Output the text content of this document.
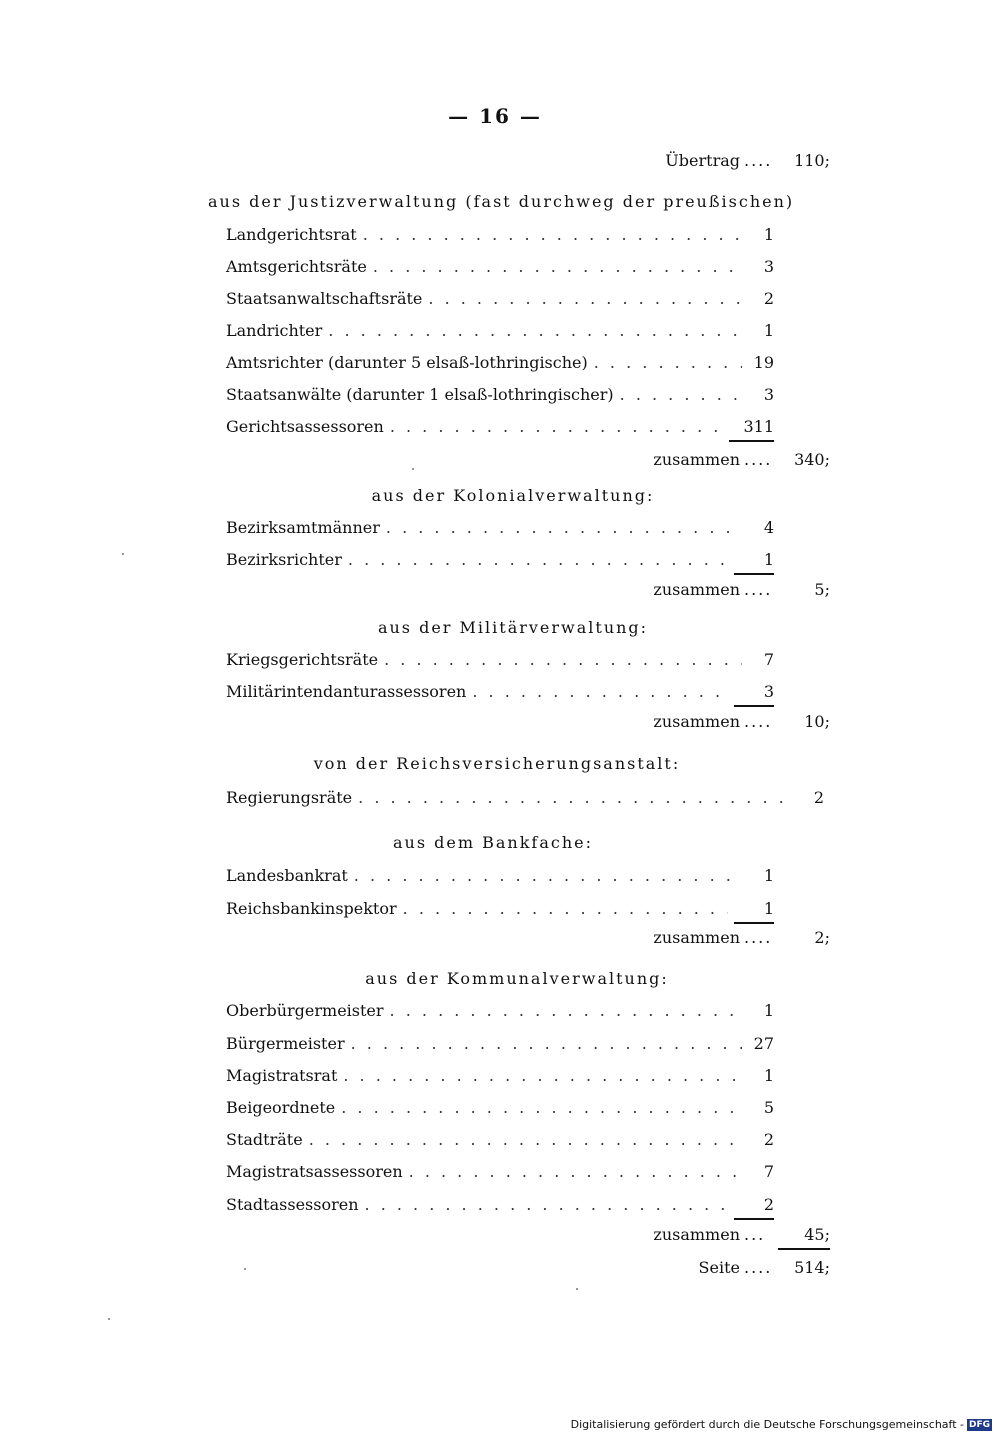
— 16 —
Übertrag ....	110;
aus der Justizverwaltung (fast durchweg der preußischen)
Landgerichtsrat . . .	1
Amtsgerichtsräte . . .	3
Staatsanwaltschaftsräte . . .	2
Landrichter . . .	1
Amtsrichter (darunter 5 elsaß-lothringische) . . .	19
Staatsanwälte (darunter 1 elsaß-lothringischer) . . .	3
Gerichtsassessoren . . .	311
zusammen ....	340;
aus der Kolonialverwaltung:
Bezirksamtmänner . . .	4
Bezirksrichter . . .	1
zusammen ....	5;
aus der Militärverwaltung:
Kriegsgerichtsräte . . .	7
Militärintendanturassessoren . . .	3
zusammen ....	10;
von der Reichsversicherungsanstalt:
Regierungsräte . . .	2
aus dem Bankfache:
Landesbankrat . . .	1
Reichsbankinspektor . . .	1
zusammen ....	2;
aus der Kommunalverwaltung:
Oberbürgermeister . . .	1
Bürgermeister . . .	27
Magistratsrat . . .	1
Beigeordnete . . .	5
Stadträte . . .	2
Magistratsassessoren . . .	7
Stadtassessoren . . .	2
zusammen ...	45;
Seite ....	514;
Digitalisierung gefördert durch die Deutsche Forschungsgemeinschaft - DFG
